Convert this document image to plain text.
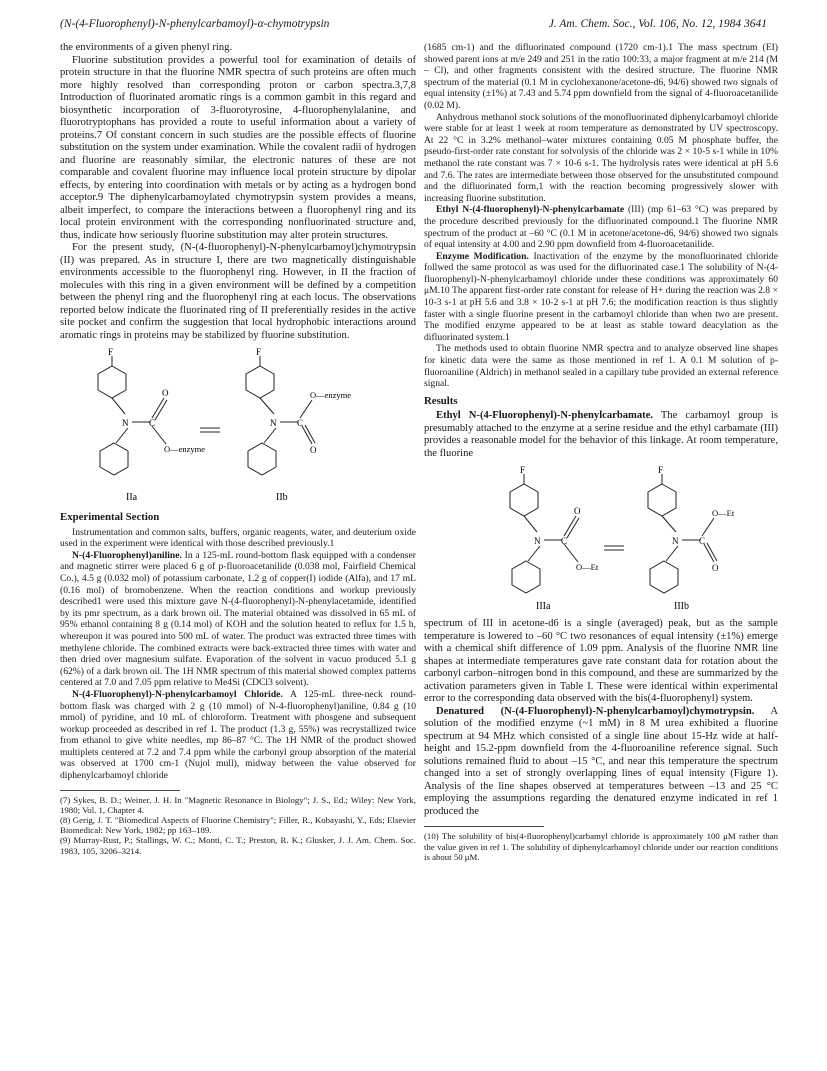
(N-(4-Fluorophenyl)-N-phenylcarbamoyl)-α-chymotrypsin	J. Am. Chem. Soc., Vol. 106, No. 12, 1984 3641

the environments of a given phenyl ring.

Fluorine substitution provides a powerful tool for examination of details of protein structure in that the fluorine NMR spectra of such proteins are often much more highly resolved than corresponding proton or carbon spectra.3,7,8 Introduction of fluorinated aromatic rings is a common gambit in this regard and biosynthetic incorporation of 3-fluorotyrosine, 4-fluorophenylalanine, and fluorotryptophans has provided a route to useful information about a variety of proteins.7 Of constant concern in such studies are the possible effects of fluorine substitution on the system under examination. While the covalent radii of hydrogen and fluorine are reasonably similar, the electronic natures of these are not comparable and covalent fluorine may influence local protein structure by dipolar effects, by entering into coordination with metals or by acting as a hydrogen bond acceptor.9 The diphenylcarbamoylated chymotrypsin system provides a means, albeit imperfect, to compare the interactions between a fluorophenyl ring and its local protein environment with the corresponding nonfluorinated structure and, thus, indicate how seriously fluorine substitution may alter protein structures.

For the present study, (N-(4-fluorophenyl)-N-phenylcarbamoyl)chymotrypsin (II) was prepared. As in structure I, there are two magnetically distinguishable environments accessible to the fluorophenyl ring. However, in II the fraction of molecules with this ring in a given environment will be defined by a competition between the phenyl ring and the fluorophenyl ring at each locus. The observations reported below indicate the fluorinated ring of II preferentially resides in the active site pocket and confirm the suggestion that local hydrophobic interactions around aromatic rings in proteins may be stabilized by fluorine substitution.

F
N C
O
O—enzyme
F
N C
O—enzyme
O
IIa	IIb
Experimental Section

Instrumentation and common salts, buffers, organic reagents, water, and deuterium oxide used in the experiment were identical with those described previously.1

N-(4-Fluorophenyl)aniline. In a 125-mL round-bottom flask equipped with a condenser and magnetic stirrer were placed 6 g of p-fluoroacetanilide (0.038 mol, Fairfield Chemical Co.), 4.5 g (0.032 mol) of potassium carbonate, 1.2 g of copper(I) iodide (Alfa), and 17 mL (0.16 mol) of bromobenzene. When the reaction conditions and workup previously described1 were used this mixture gave N-(4-fluorophenyl)-N-phenylacetamide, identified by its pmr spectrum, as a dark brown oil. The material obtained was dissolved in 65 mL of 95% ethanol containing 8 g (0.14 mol) of KOH and the solution heated to reflux for 1.5 h, whereupon it was poured into 500 mL of water. The product was extracted three times with methylene chloride. The combined extracts were back-extracted three times with water and then dried over magnesium sulfate. Evaporation of the solvent in vacuo produced 5.1 g (62%) of a dark brown oil. The 1H NMR spectrum of this material showed complex patterns centered at 7.0 and 7.05 ppm relative to Me4Si (CDCl3 solvent).

N-(4-Fluorophenyl)-N-phenylcarbamoyl Chloride. A 125-mL three-neck round-bottom flask was charged with 2 g (10 mmol) of N-4-fluorophenyl)aniline, 0.84 g (10 mmol) of pyridine, and 10 mL of chloroform. Treatment with phosgene and subsequent workup proceeded as described in ref 1. The product (1.3 g, 55%) was recrystallized twice from ethanol to give white needles, mp 86–87 °C. The 1H NMR of the product showed multiplets centered at 7.2 and 7.4 ppm while the carbonyl group absorption of the material was observed at 1700 cm-1 (Nujol mull), midway between the value observed for diphenylcarbamoyl chloride

(7) Sykes, B. D.; Weiner, J. H. In "Magnetic Resonance in Biology"; J. S., Ed.; Wiley: New York, 1980; Vol. 1, Chapter 4.

(8) Gerig, J. T. "Biomedical Aspects of Fluorine Chemistry"; Filler, R., Kobayashi, Y., Eds; Elsevier Biomedical: New York, 1982; pp 163–189.

(9) Murray-Rust, P.; Stallings, W. C.; Monti, C. T.; Preston, R. K.; Glusker, J. J. Am. Chem. Soc. 1983, 105, 3206–3214.

(1685 cm-1) and the difluorinated compound (1720 cm-1).1 The mass spectrum (EI) showed parent ions at m/e 249 and 251 in the ratio 100:33, a major fragment at m/e 214 (M – Cl), and other fragments consistent with the desired structure. The fluorine NMR spectrum of the material (0.1 M in cyclohexanone/acetone-d6, 94/6) showed two signals of equal intensity (±1%) at 7.43 and 5.74 ppm downfield from the signal of 4-fluoroacetanilide (0.02 M).

Anhydrous methanol stock solutions of the monofluorinated diphenylcarbamoyl chloride were stable for at least 1 week at room temperature as demonstrated by UV spectroscopy. At 22 °C in 3.2% methanol–water mixtures containing 0.05 M phosphate buffer, the pseudo-first-order rate constant for solvolysis of the chloride was 2 × 10-5 s-1 while in 10% methanol the rate constant was 7 × 10-6 s-1. The hydrolysis rates were identical at pH 5.6 and 7.6. The rates are intermediate between those observed for the unsubstituted compound and the difluorinated form,1 with the reaction becoming progressively slower with increasing fluorine substitution.

Ethyl N-(4-fluorophenyl)-N-phenylcarbamate (III) (mp 61–63 °C) was prepared by the procedure described previously for the difluorinated compound.1 The fluorine NMR spectrum of the product at –60 °C (0.1 M in acetone/acetone-d6, 94/6) showed two signals of equal intensity at 4.00 and 2.90 ppm downfield from 4-fluoroacetanilide.

Enzyme Modification. Inactivation of the enzyme by the monofluorinated chloride follwed the same protocol as was used for the difluorinated case.1 The solubility of N-(4-fluorophenyl)-N-phenylcarbamoyl chloride under these conditions was approximately 60 μM.10 The apparent first-order rate constant for release of H+ during the reaction was 2.8 × 10-3 s-1 at pH 5.6 and 3.8 × 10-2 s-1 at pH 7.6; the modification reaction is thus slightly faster with a single fluorine present in the carbamoyl chloride than when two are present. The modified enzyme appeared to be at least as stable toward deacylation as the difluorinated system.1

The methods used to obtain fluorine NMR spectra and to analyze observed line shapes for kinetic data were the same as those mentioned in ref 1. A 0.1 M solution of p-fluoroaniline (Aldrich) in methanol sealed in a capillary tube provided an external reference signal.

Results

Ethyl N-(4-Fluorophenyl)-N-phenylcarbamate. The carbamoyl group is presumably attached to the enzyme at a serine residue and the ethyl carbamate (III) provides a reasonable model for the behavior of this linkage. At room temperature, the fluorine

F
N C
O
O—Et
F
N C
O—Et
O
IIIa	IIIb

spectrum of III in acetone-d6 is a single (averaged) peak, but as the sample temperature is lowered to –60 °C two resonances of equal intensity (±1%) emerge with a chemical shift difference of 1.09 ppm. Analysis of the fluorine NMR line shapes at intermediate temperatures gave rate constant data for rotation about the carbonyl carbon–nitrogen bond in this compound, and these are summarized by the activation parameters given in Table I. These were identical within experimental error to the corresponding data observed with the bis(4-fluorophenyl) system.

Denatured (N-(4-Fluorophenyl)-N-phenylcarbamoyl)chymotrypsin. A solution of the modified enzyme (~1 mM) in 8 M urea exhibited a fluorine spectrum at 94 MHz which consisted of a single line about 15-Hz wide at half-height and 15.2-ppm downfield from the 4-fluoroaniline reference signal. Such solutions remained fluid to about –15 °C, and near this temperature the spectrum changed into a set of strongly overlapping lines of equal intensity (Figure 1). Analysis of the line shapes observed at temperatures between –13 and 25 °C employing the assumptions regarding the denatured enzyme indicated in ref 1 produced the

(10) The solubility of bis(4-fluorophenyl)carbamyl chloride is approximately 100 μM rather than the value given in ref 1. The solubility of diphenylcarbamoyl chloride under our reaction conditions is about 50 μM.
